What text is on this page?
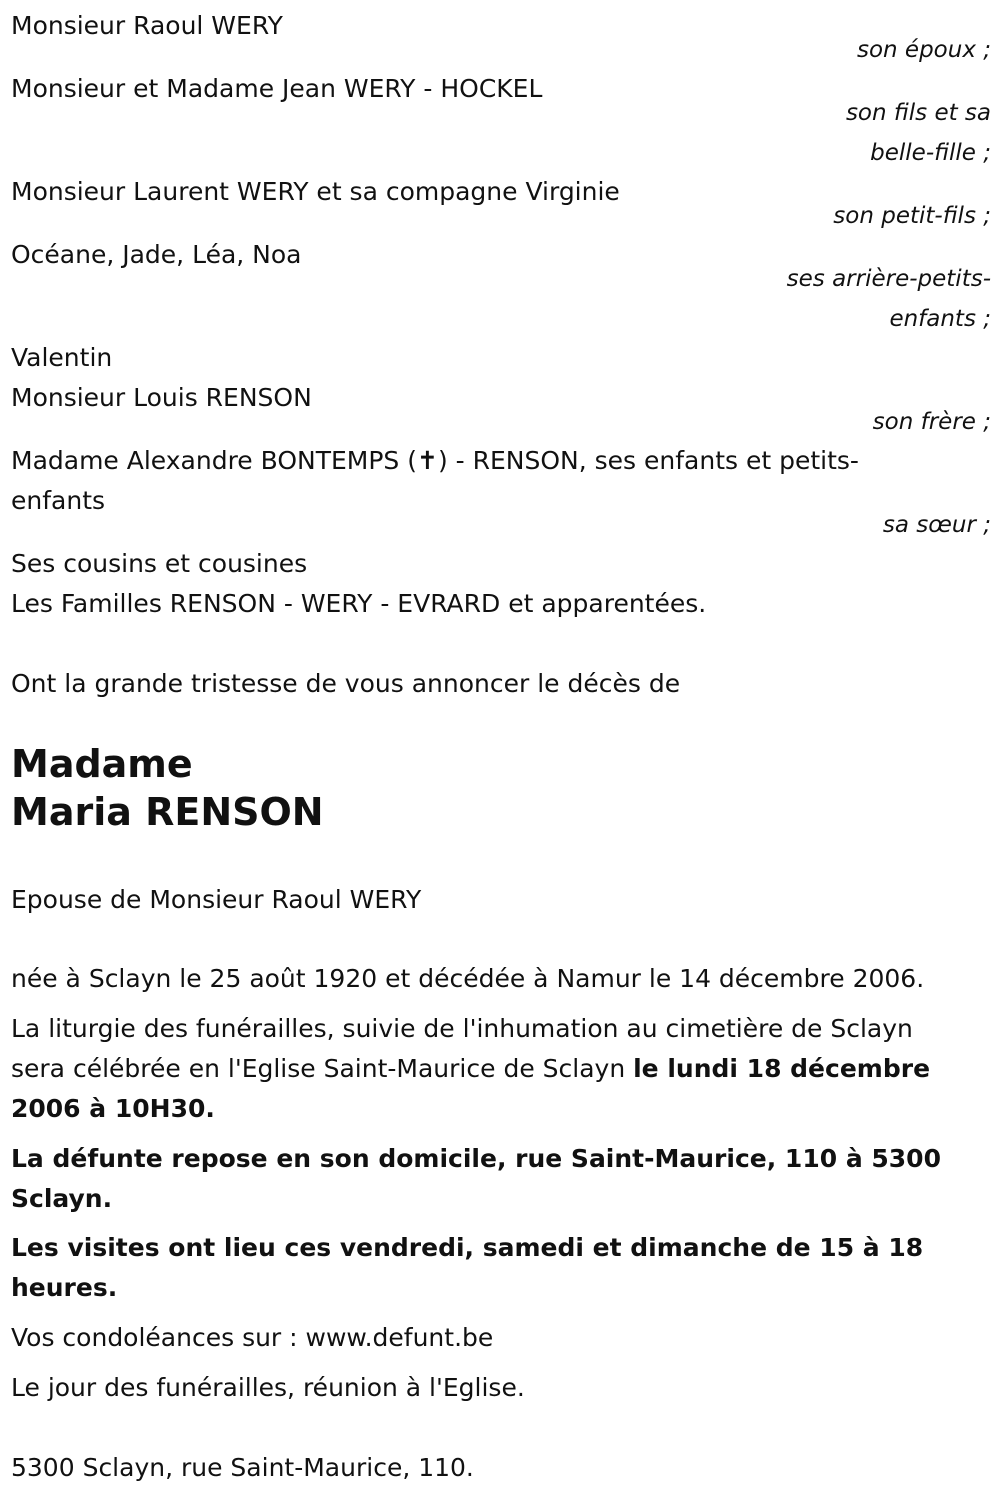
Monsieur Raoul WERY
son époux ;
Monsieur et Madame Jean WERY - HOCKEL
son fils et sa
belle-fille ;
Monsieur Laurent WERY et sa compagne Virginie
son petit-fils ;
Océane, Jade, Léa, Noa
ses arrière-petits-
enfants ;
Valentin
Monsieur Louis RENSON
son frère ;
Madame Alexandre BONTEMPS (✝) - RENSON, ses enfants et petits-
enfants
sa sœur ;
Ses cousins et cousines
Les Familles RENSON - WERY - EVRARD et apparentées.
Ont la grande tristesse de vous annoncer le décès de
Madame
Maria RENSON
Epouse de Monsieur Raoul WERY
née à Sclayn le 25 août 1920 et décédée à Namur le 14 décembre 2006.
La liturgie des funérailles, suivie de l'inhumation au cimetière de Sclayn
sera célébrée en l'Eglise Saint-Maurice de Sclayn le lundi 18 décembre
2006 à 10H30.
La défunte repose en son domicile, rue Saint-Maurice, 110 à 5300
Sclayn.
Les visites ont lieu ces vendredi, samedi et dimanche de 15 à 18
heures.
Vos condoléances sur : www.defunt.be
Le jour des funérailles, réunion à l'Eglise.
5300 Sclayn, rue Saint-Maurice, 110.
